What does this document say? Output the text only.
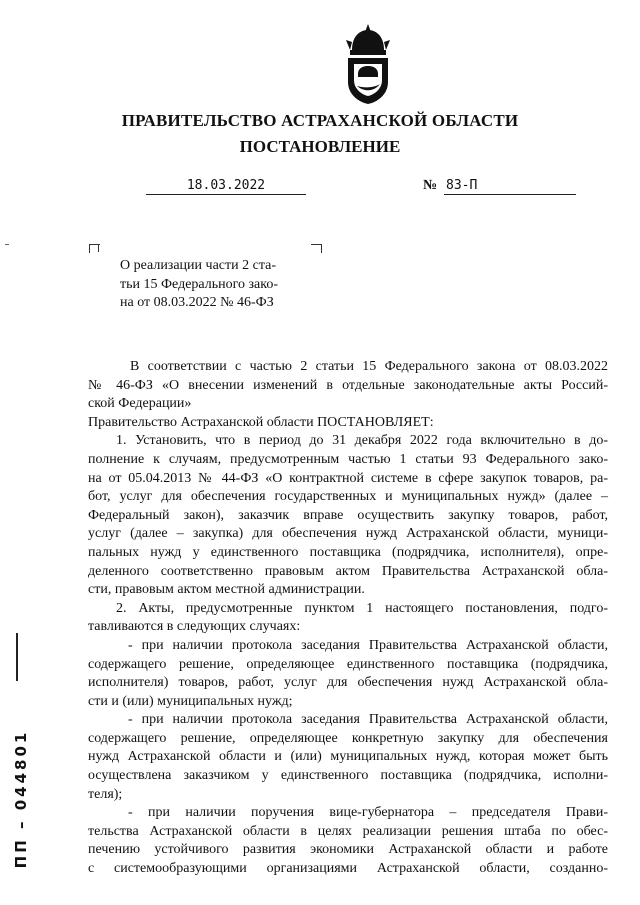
ПРАВИТЕЛЬСТВО АСТРАХАНСКОЙ ОБЛАСТИ
ПОСТАНОВЛЕНИЕ
18.03.2022	№ 83-П
О реализации части 2 ста-
тьи 15 Федерального зако-
на от 08.03.2022 № 46-ФЗ
В соответствии с частью 2 статьи 15 Федерального закона от 08.03.2022
№ 46-ФЗ «О внесении изменений в отдельные законодательные акты Россий-
ской Федерации»
Правительство Астраханской области ПОСТАНОВЛЯЕТ:
1. Установить, что в период до 31 декабря 2022 года включительно в до-
полнение к случаям, предусмотренным частью 1 статьи 93 Федерального зако-
на от 05.04.2013 № 44-ФЗ «О контрактной системе в сфере закупок товаров, ра-
бот, услуг для обеспечения государственных и муниципальных нужд» (далее –
Федеральный закон), заказчик вправе осуществить закупку товаров, работ,
услуг (далее – закупка) для обеспечения нужд Астраханской области, муници-
пальных нужд у единственного поставщика (подрядчика, исполнителя), опре-
деленного соответственно правовым актом Правительства Астраханской обла-
сти, правовым актом местной администрации.
2. Акты, предусмотренные пунктом 1 настоящего постановления, подго-
тавливаются в следующих случаях:
- при наличии протокола заседания Правительства Астраханской области,
содержащего решение, определяющее единственного поставщика (подрядчика,
исполнителя) товаров, работ, услуг для обеспечения нужд Астраханской обла-
сти и (или) муниципальных нужд;
- при наличии протокола заседания Правительства Астраханской области,
содержащего решение, определяющее конкретную закупку для обеспечения
нужд Астраханской области и (или) муниципальных нужд, которая может быть
осуществлена заказчиком у единственного поставщика (подрядчика, исполни-
теля);
- при наличии поручения вице-губернатора – председателя Прави-
тельства Астраханской области в целях реализации решения штаба по обес-
печению устойчивого развития экономики Астраханской области и работе
с системообразующими организациями Астраханской области, созданно-
ПП – 044801
